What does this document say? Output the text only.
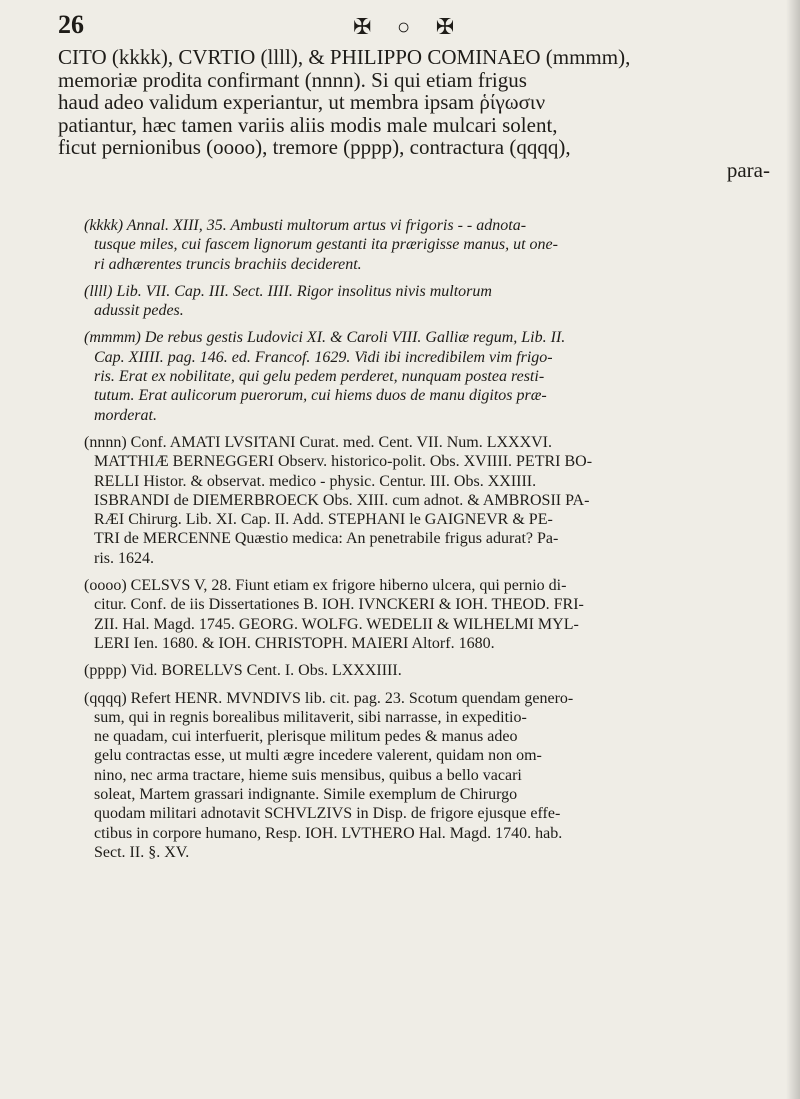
26	✠ ○ ✠

CITO (kkkk), CVRTIO (llll), & PHILIPPO COMINAEO (mmmm),
memoriæ prodita confirmant (nnnn). Si qui etiam frigus
haud adeo validum experiantur, ut membra ipsam ῥίγωσιν
patiantur, hæc tamen variis aliis modis male mulcari solent,
ficut pernionibus (oooo), tremore (pppp), contractura (qqqq),
para-

(kkkk) Annal. XIII, 35. Ambusti multorum artus vi frigoris - - adnota-
tusque miles, cui fascem lignorum gestanti ita prærigisse manus, ut one-
ri adhærentes truncis brachiis deciderent.
(llll) Lib. VII. Cap. III. Sect. IIII. Rigor insolitus nivis multorum
adussit pedes.
(mmmm) De rebus gestis Ludovici XI. & Caroli VIII. Galliæ regum, Lib. II.
Cap. XIIII. pag. 146. ed. Francof. 1629. Vidi ibi incredibilem vim frigo-
ris. Erat ex nobilitate, qui gelu pedem perderet, nunquam postea resti-
tutum. Erat aulicorum puerorum, cui hiems duos de manu digitos præ-
morderat.
(nnnn) Conf. AMATI LVSITANI Curat. med. Cent. VII. Num. LXXXVI.
MATTHIÆ BERNEGGERI Observ. historico-polit. Obs. XVIIII. PETRI BO-
RELLI Histor. & observat. medico - physic. Centur. III. Obs. XXIIII.
ISBRANDI de DIEMERBROECK Obs. XIII. cum adnot. & AMBROSII PA-
RÆI Chirurg. Lib. XI. Cap. II. Add. STEPHANI le GAIGNEVR & PE-
TRI de MERCENNE Quæstio medica: An penetrabile frigus adurat? Pa-
ris. 1624.
(oooo) CELSVS V, 28. Fiunt etiam ex frigore hiberno ulcera, qui pernio di-
citur. Conf. de iis Dissertationes B. IOH. IVNCKERI & IOH. THEOD. FRI-
ZII. Hal. Magd. 1745. GEORG. WOLFG. WEDELII & WILHELMI MYL-
LERI Ien. 1680. & IOH. CHRISTOPH. MAIERI Altorf. 1680.
(pppp) Vid. BORELLVS Cent. I. Obs. LXXXIIII.
(qqqq) Refert HENR. MVNDIVS lib. cit. pag. 23. Scotum quendam genero-
sum, qui in regnis borealibus militaverit, sibi narrasse, in expeditio-
ne quadam, cui interfuerit, plerisque militum pedes & manus adeo
gelu contractas esse, ut multi ægre incedere valerent, quidam non om-
nino, nec arma tractare, hieme suis mensibus, quibus a bello vacari
soleat, Martem grassari indignante. Simile exemplum de Chirurgo
quodam militari adnotavit SCHVLZIVS in Disp. de frigore ejusque effe-
ctibus in corpore humano, Resp. IOH. LVTHERO Hal. Magd. 1740. hab.
Sect. II. §. XV.
